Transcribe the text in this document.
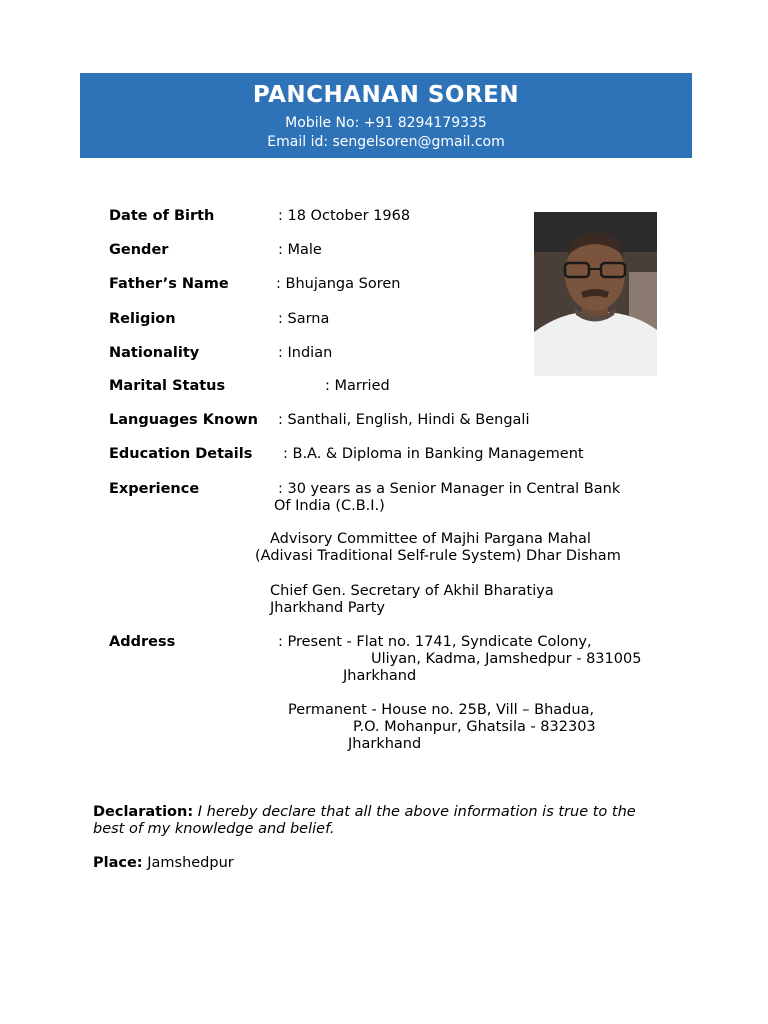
PANCHANAN SOREN
Mobile No: +91 8294179335
Email id: sengelsoren@gmail.com
Date of Birth	: 18 October 1968
Gender	: Male
Father’s Name	: Bhujanga Soren
Religion	: Sarna
Nationality	: Indian
Marital Status	: Married
Languages Known : Santhali, English, Hindi & Bengali
Education Details : B.A. & Diploma in Banking Management
Experience	: 30 years as a Senior Manager in Central Bank
Of India (C.B.I.)
Advisory Committee of Majhi Pargana Mahal
(Adivasi Traditional Self-rule System) Dhar Disham
Chief Gen. Secretary of Akhil Bharatiya
Jharkhand Party
Address	: Present - Flat no. 1741, Syndicate Colony,
Uliyan, Kadma, Jamshedpur - 831005
Jharkhand
Permanent - House no. 25B, Vill – Bhadua,
P.O. Mohanpur, Ghatsila - 832303
Jharkhand
Declaration: I hereby declare that all the above information is true to the
best of my knowledge and belief.
Place: Jamshedpur
